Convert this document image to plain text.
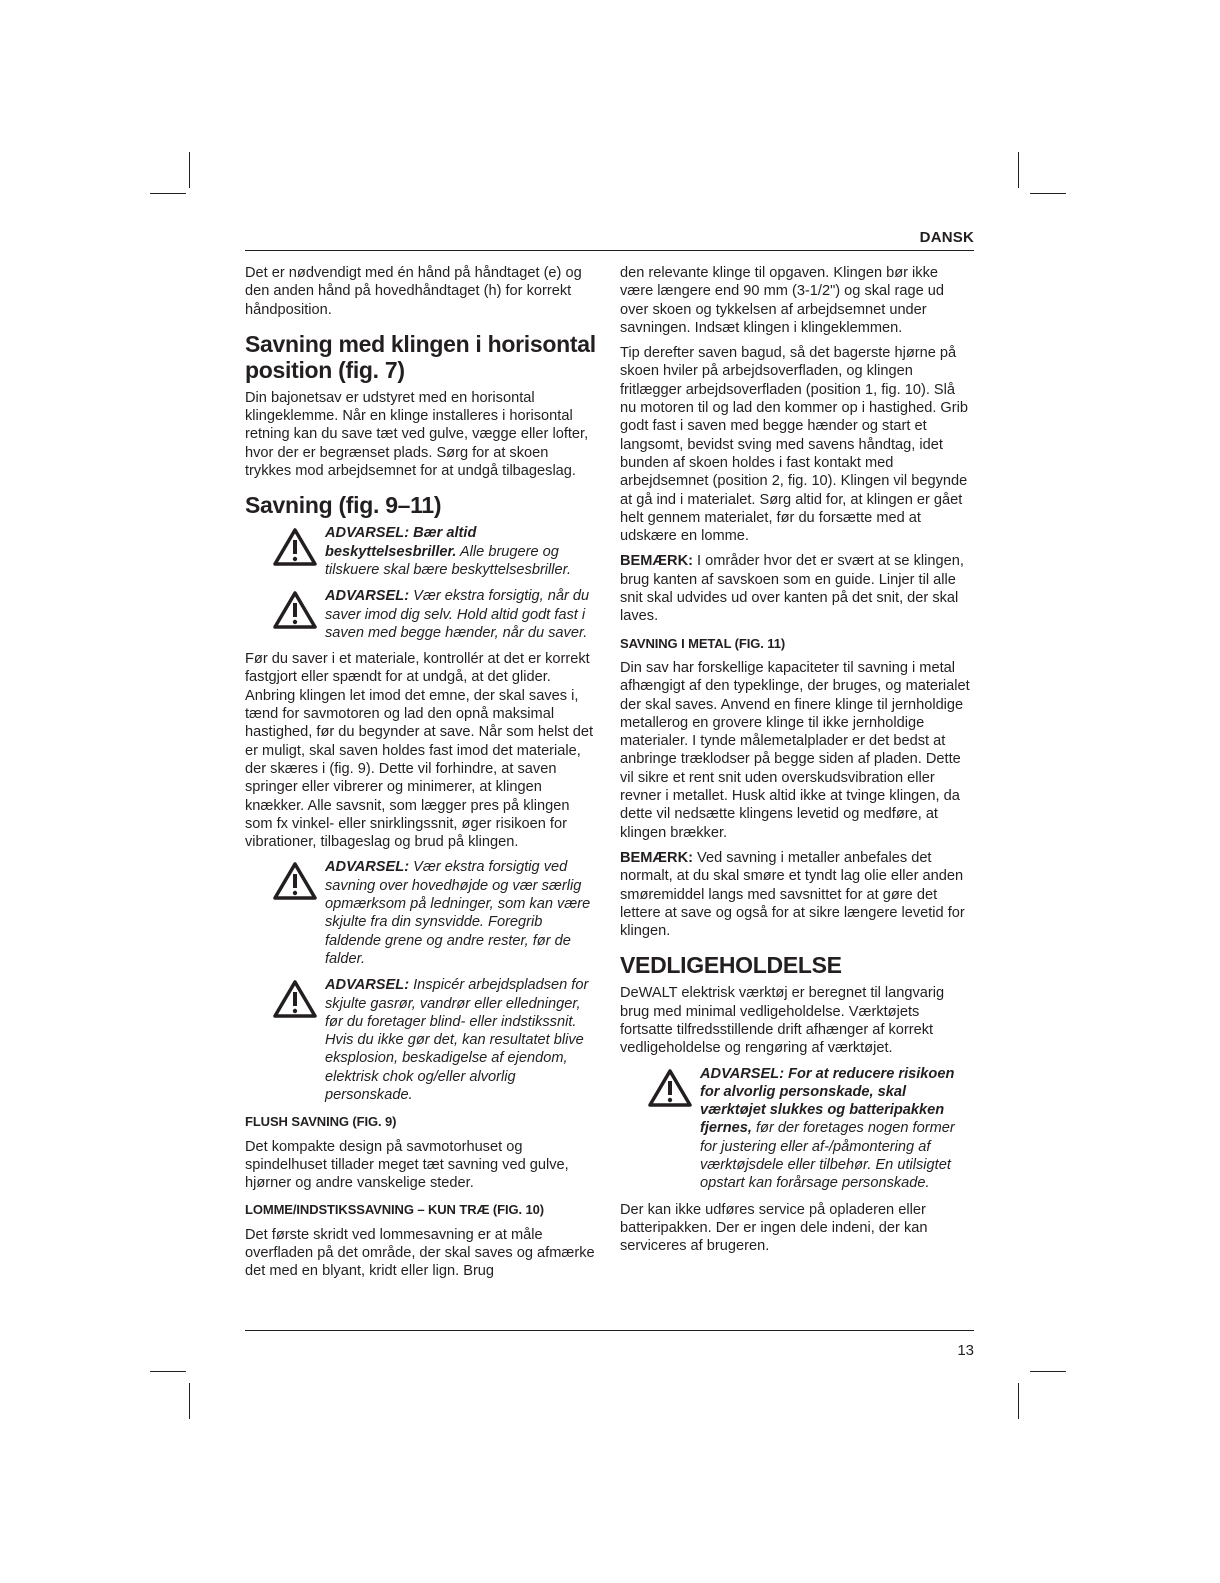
DANSK
13

Det er nødvendigt med én hånd på håndtaget (e) og den anden hånd på hovedhåndtaget (h) for korrekt håndposition.

Savning med klingen i horisontal position (fig. 7)

Din bajonetsav er udstyret med en horisontal klingeklemme. Når en klinge installeres i horisontal retning kan du save tæt ved gulve, vægge eller lofter, hvor der er begrænset plads. Sørg for at skoen trykkes mod arbejdsemnet for at undgå tilbageslag.

Savning (fig. 9–11)
ADVARSEL: Bær altid beskyttelsesbriller. Alle brugere og tilskuere skal bære beskyttelsesbriller.
ADVARSEL: Vær ekstra forsigtig, når du saver imod dig selv. Hold altid godt fast i saven med begge hænder, når du saver.

Før du saver i et materiale, kontrollér at det er korrekt fastgjort eller spændt for at undgå, at det glider. Anbring klingen let imod det emne, der skal saves i, tænd for savmotoren og lad den opnå maksimal hastighed, før du begynder at save. Når som helst det er muligt, skal saven holdes fast imod det materiale, der skæres i (fig. 9). Dette vil forhindre, at saven springer eller vibrerer og minimerer, at klingen knækker. Alle savsnit, som lægger pres på klingen som fx vinkel- eller snirklingssnit, øger risikoen for vibrationer, tilbageslag og brud på klingen.

ADVARSEL: Vær ekstra forsigtig ved savning over hovedhøjde og vær særlig opmærksom på ledninger, som kan være skjulte fra din synsvidde. Foregrib faldende grene og andre rester, før de falder.
ADVARSEL: Inspicér arbejdspladsen for skjulte gasrør, vandrør eller elledninger, før du foretager blind- eller indstikssnit. Hvis du ikke gør det, kan resultatet blive eksplosion, beskadigelse af ejendom, elektrisk chok og/eller alvorlig personskade.
FLUSH SAVNING (FIG. 9)

Det kompakte design på savmotorhuset og spindelhuset tillader meget tæt savning ved gulve, hjørner og andre vanskelige steder.

LOMME/INDSTIKSSAVNING – KUN TRÆ (FIG. 10)

Det første skridt ved lommesavning er at måle overfladen på det område, der skal saves og afmærke det med en blyant, kridt eller lign. Brug

den relevante klinge til opgaven. Klingen bør ikke være længere end 90 mm (3-1/2") og skal rage ud over skoen og tykkelsen af arbejdsemnet under savningen. Indsæt klingen i klingeklemmen.

Tip derefter saven bagud, så det bagerste hjørne på skoen hviler på arbejdsoverfladen, og klingen fritlægger arbejdsoverfladen (position 1, fig. 10). Slå nu motoren til og lad den kommer op i hastighed. Grib godt fast i saven med begge hænder og start et langsomt, bevidst sving med savens håndtag, idet bunden af skoen holdes i fast kontakt med arbejdsemnet (position 2, fig. 10). Klingen vil begynde at gå ind i materialet. Sørg altid for, at klingen er gået helt gennem materialet, før du forsætte med at udskære en lomme.

BEMÆRK: I områder hvor det er svært at se klingen, brug kanten af savskoen som en guide. Linjer til alle snit skal udvides ud over kanten på det snit, der skal laves.

SAVNING I METAL (FIG. 11)

Din sav har forskellige kapaciteter til savning i metal afhængigt af den typeklinge, der bruges, og materialet der skal saves. Anvend en finere klinge til jernholdige metallerog en grovere klinge til ikke jernholdige materialer. I tynde målemetalplader er det bedst at anbringe træklodser på begge siden af pladen. Dette vil sikre et rent snit uden overskudsvibration eller revner i metallet. Husk altid ikke at tvinge klingen, da dette vil nedsætte klingens levetid og medføre, at klingen brækker.

BEMÆRK: Ved savning i metaller anbefales det normalt, at du skal smøre et tyndt lag olie eller anden smøremiddel langs med savsnittet for at gøre det lettere at save og også for at sikre længere levetid for klingen.

VEDLIGEHOLDELSE

DeWALT elektrisk værktøj er beregnet til langvarig brug med minimal vedligeholdelse. Værktøjets fortsatte tilfredsstillende drift afhænger af korrekt vedligeholdelse og rengøring af værktøjet.

ADVARSEL: For at reducere risikoen for alvorlig personskade, skal værktøjet slukkes og batteripakken fjernes, før der foretages nogen former for justering eller af-/påmontering af værktøjsdele eller tilbehør. En utilsigtet opstart kan forårsage personskade.

Der kan ikke udføres service på opladeren eller batteripakken. Der er ingen dele indeni, der kan serviceres af brugeren.
